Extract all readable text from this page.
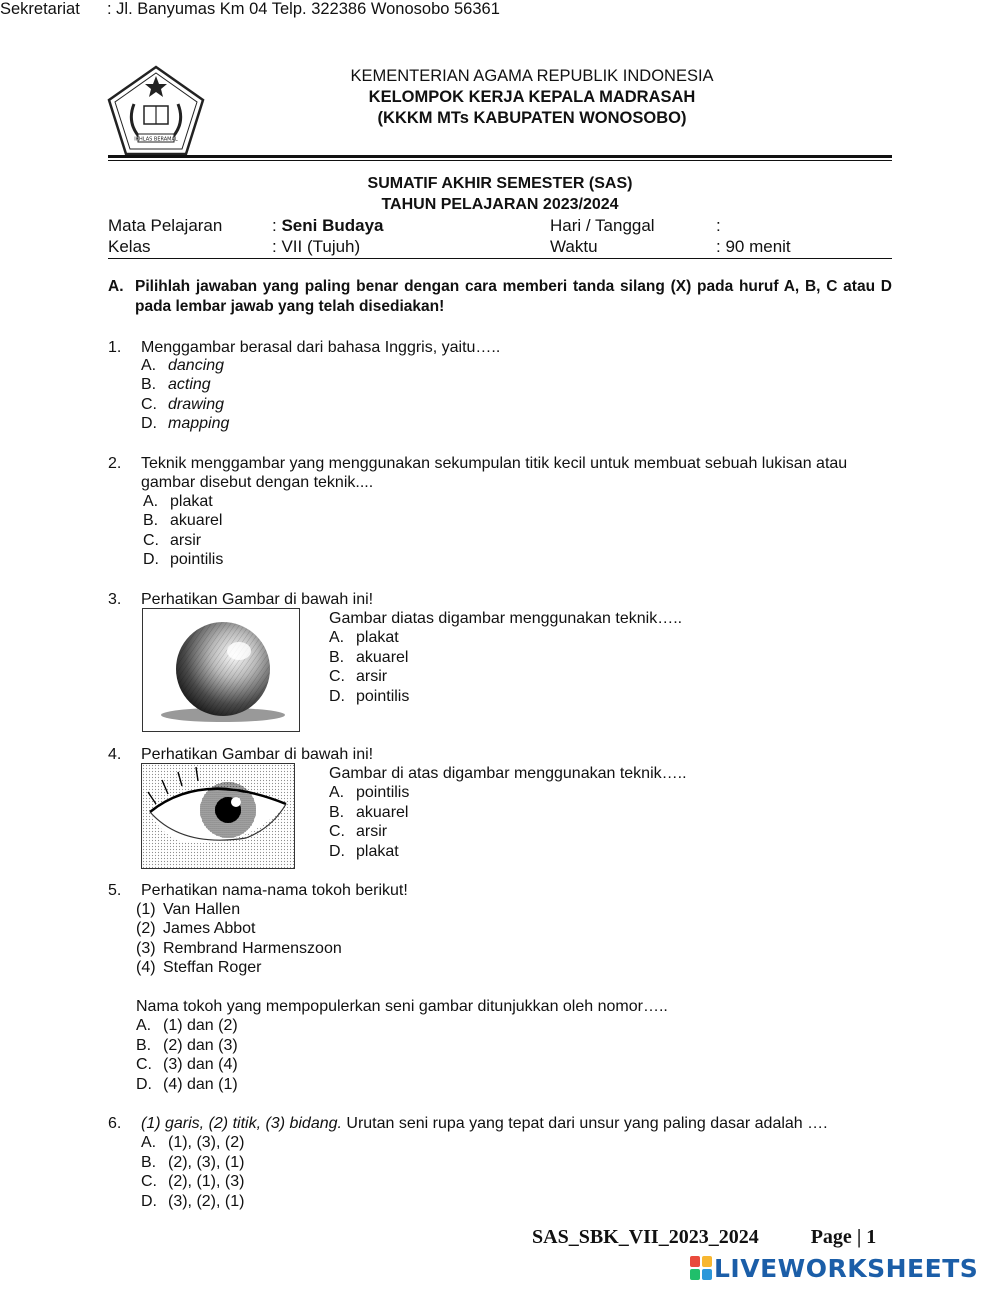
IKHLAS BERAMAL
KEMENTERIAN AGAMA REPUBLIK INDONESIA
KELOMPOK KERJA KEPALA MADRASAH
(KKKM MTs KABUPATEN WONOSOBO)
Sekretariat : Jl. Banyumas Km 04 Telp. 322386 Wonosobo 56361
SUMATIF AKHIR SEMESTER (SAS)
TAHUN PELAJARAN 2023/2024
Mata Pelajaran	: Seni Budaya	Hari / Tanggal	:
Kelas	: VII (Tujuh)	Waktu	: 90 menit
A. Pilihlah jawaban yang paling benar dengan cara memberi tanda silang (X) pada huruf A, B, C atau D pada lembar jawab yang telah disediakan!
1. Menggambar berasal dari bahasa Inggris, yaitu…..
A. dancing
B. acting
C. drawing
D. mapping
2. Teknik menggambar yang menggunakan sekumpulan titik kecil untuk membuat sebuah lukisan atau
gambar disebut dengan teknik....
A. plakat
B. akuarel
C. arsir
D. pointilis
3. Perhatikan Gambar di bawah ini!
Gambar diatas digambar menggunakan teknik…..
A. plakat
B. akuarel
C. arsir
D. pointilis
4. Perhatikan Gambar di bawah ini!
Gambar di atas digambar menggunakan teknik…..
A. pointilis
B. akuarel
C. arsir
D. plakat
5. Perhatikan nama-nama tokoh berikut!
(1) Van Hallen
(2) James Abbot
(3) Rembrand Harmenszoon
(4) Steffan Roger
Nama tokoh yang mempopulerkan seni gambar ditunjukkan oleh nomor…..
A. (1) dan (2)
B. (2) dan (3)
C. (3) dan (4)
D. (4) dan (1)
6. (1) garis, (2) titik, (3) bidang. Urutan seni rupa yang tepat dari unsur yang paling dasar adalah ….
A. (1), (3), (2)
B. (2), (3), (1)
C. (2), (1), (3)
D. (3), (2), (1)
SAS_SBK_VII_2023_2024	Page | 1
LIVEWORKSHEETS
